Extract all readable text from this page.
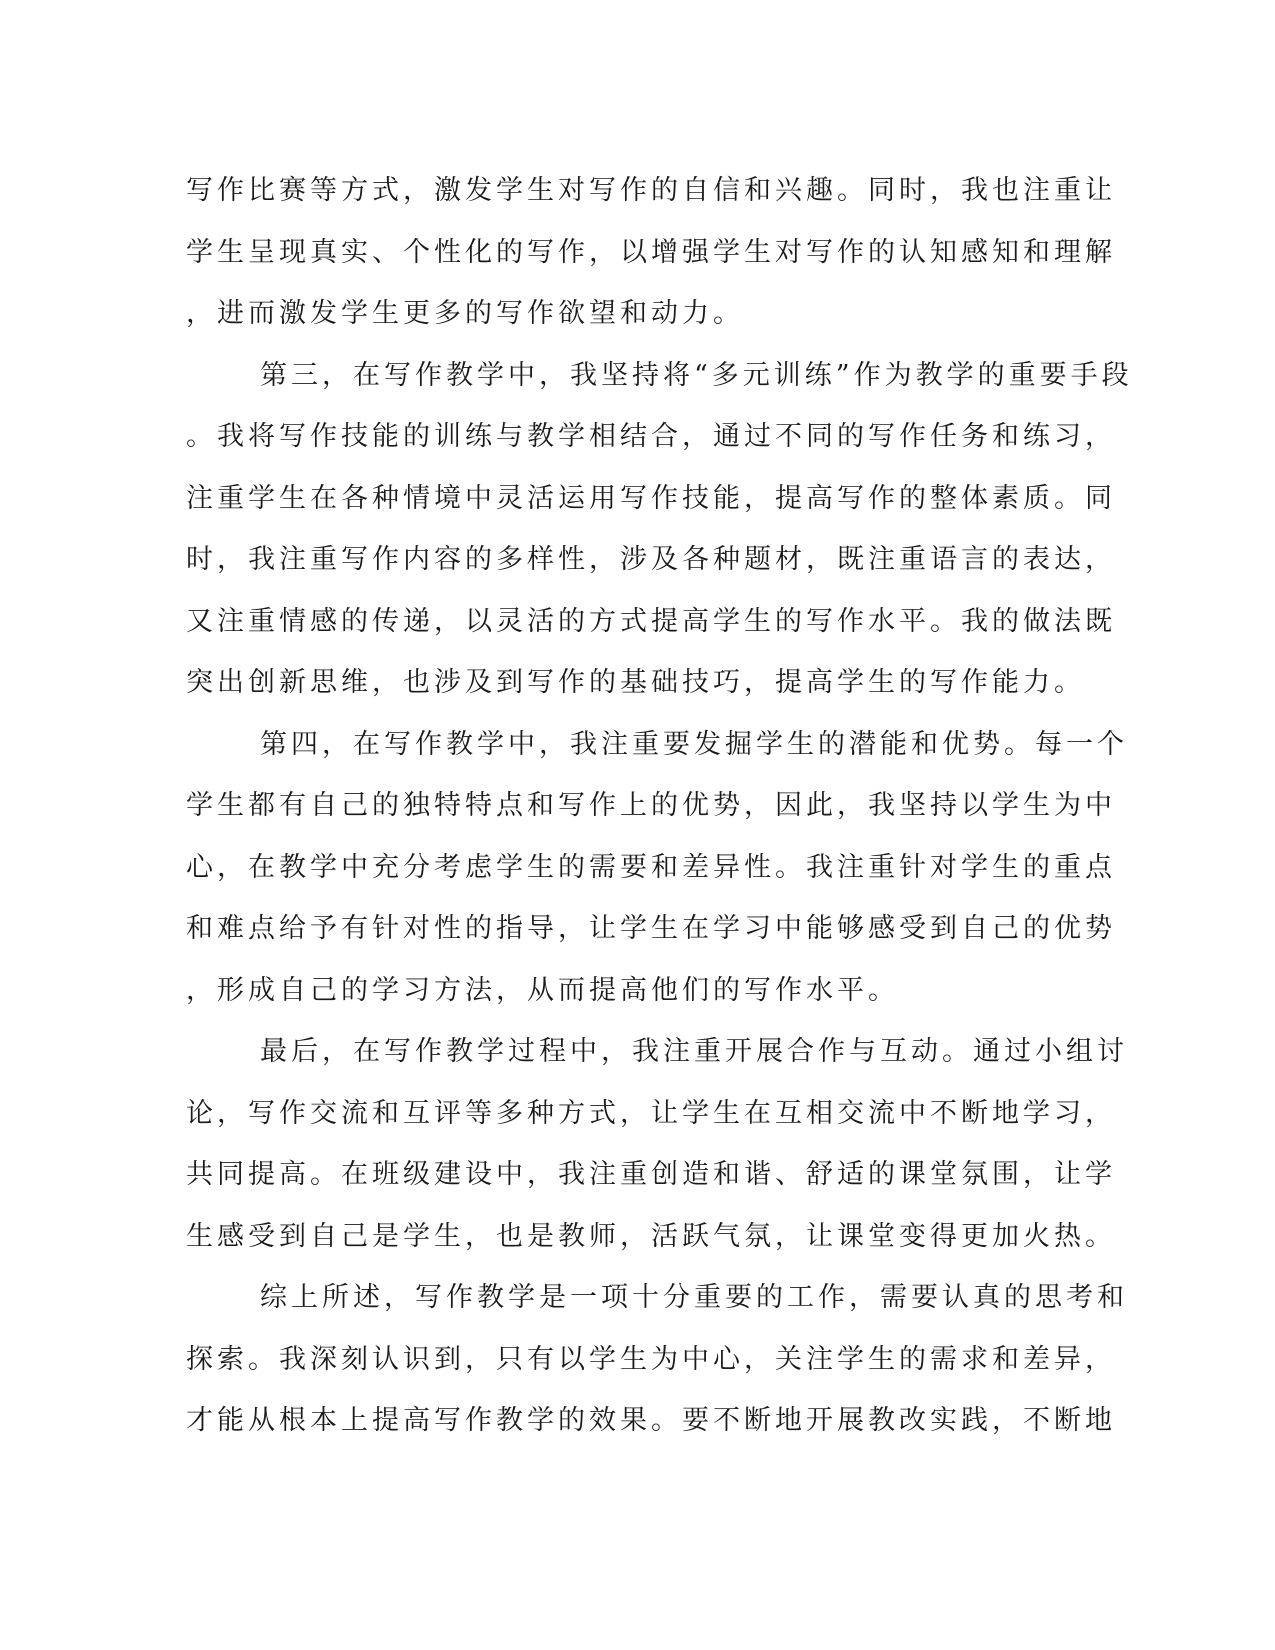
写作比赛等方式，激发学生对写作的自信和兴趣。同时，我也注重让
学生呈现真实、个性化的写作，以增强学生对写作的认知感知和理解
，进而激发学生更多的写作欲望和动力。
第三，在写作教学中，我坚持将“多元训练”作为教学的重要手段
。我将写作技能的训练与教学相结合，通过不同的写作任务和练习，
注重学生在各种情境中灵活运用写作技能，提高写作的整体素质。同
时，我注重写作内容的多样性，涉及各种题材，既注重语言的表达，
又注重情感的传递，以灵活的方式提高学生的写作水平。我的做法既
突出创新思维，也涉及到写作的基础技巧，提高学生的写作能力。
第四，在写作教学中，我注重要发掘学生的潜能和优势。每一个
学生都有自己的独特特点和写作上的优势，因此，我坚持以学生为中
心，在教学中充分考虑学生的需要和差异性。我注重针对学生的重点
和难点给予有针对性的指导，让学生在学习中能够感受到自己的优势
，形成自己的学习方法，从而提高他们的写作水平。
最后，在写作教学过程中，我注重开展合作与互动。通过小组讨
论，写作交流和互评等多种方式，让学生在互相交流中不断地学习，
共同提高。在班级建设中，我注重创造和谐、舒适的课堂氛围，让学
生感受到自己是学生，也是教师，活跃气氛，让课堂变得更加火热。
综上所述，写作教学是一项十分重要的工作，需要认真的思考和
探索。我深刻认识到，只有以学生为中心，关注学生的需求和差异，
才能从根本上提高写作教学的效果。要不断地开展教改实践，不断地
